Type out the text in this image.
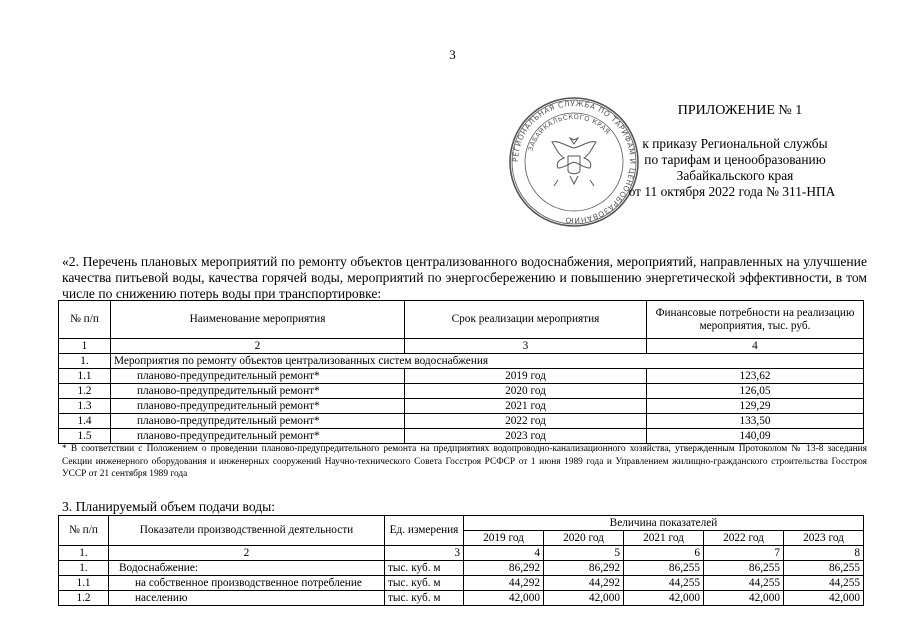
3
РЕГИОНАЛЬНАЯ СЛУЖБА ПО ТАРИФАМ И ЦЕНООБРАЗОВАНИЮ
ЗАБАЙКАЛЬСКОГО КРАЯ
ПРИЛОЖЕНИЕ № 1
к приказу Региональной службы
по тарифам и ценообразованию
Забайкальского края
от 11 октября 2022 года № 311-НПА
«2. Перечень плановых мероприятий по ремонту объектов централизованного водоснабжения, мероприятий, направленных на улучшение качества питьевой воды, качества горячей воды, мероприятий по энергосбережению и повышению энергетической эффективности, в том числе по снижению потерь воды при транспортировке:
№ п/п	Наименование мероприятия	Срок реализации мероприятия	Финансовые потребности на реализацию мероприятия, тыс. руб.
1	2	3	4
1.	Мероприятия по ремонту объектов централизованных систем водоснабжения		
1.1	планово-предупредительный ремонт*	2019 год	123,62
1.2	планово-предупредительный ремонт*	2020 год	126,05
1.3	планово-предупредительный ремонт*	2021 год	129,29
1.4	планово-предупредительный ремонт*	2022 год	133,50
1.5	планово-предупредительный ремонт*	2023 год	140,09
* В соответствии с Положением о проведении планово-предупредительного ремонта на предприятиях водопроводно-канализационного хозяйства, утвержденным Протоколом № 13-8 заседания Секции инженерного оборудования и инженерных сооружений Научно-технического Совета Госстроя РСФСР от 1 июня 1989 года и Управлением жилищно-гражданского строительства Госстроя УССР от 21 сентября 1989 года
3. Планируемый объем подачи воды:
№ п/п	Показатели производственной деятельности	Ед. измерения	Величина показателей				
			2019 год	2020 год	2021 год	2022 год	2023 год
1.	2	3	4	5	6	7	8
1.	Водоснабжение:	тыс. куб. м	86,292	86,292	86,255	86,255	86,255
1.1	на собственное производственное потребление	тыс. куб. м	44,292	44,292	44,255	44,255	44,255
1.2	населению	тыс. куб. м	42,000	42,000	42,000	42,000	42,000
